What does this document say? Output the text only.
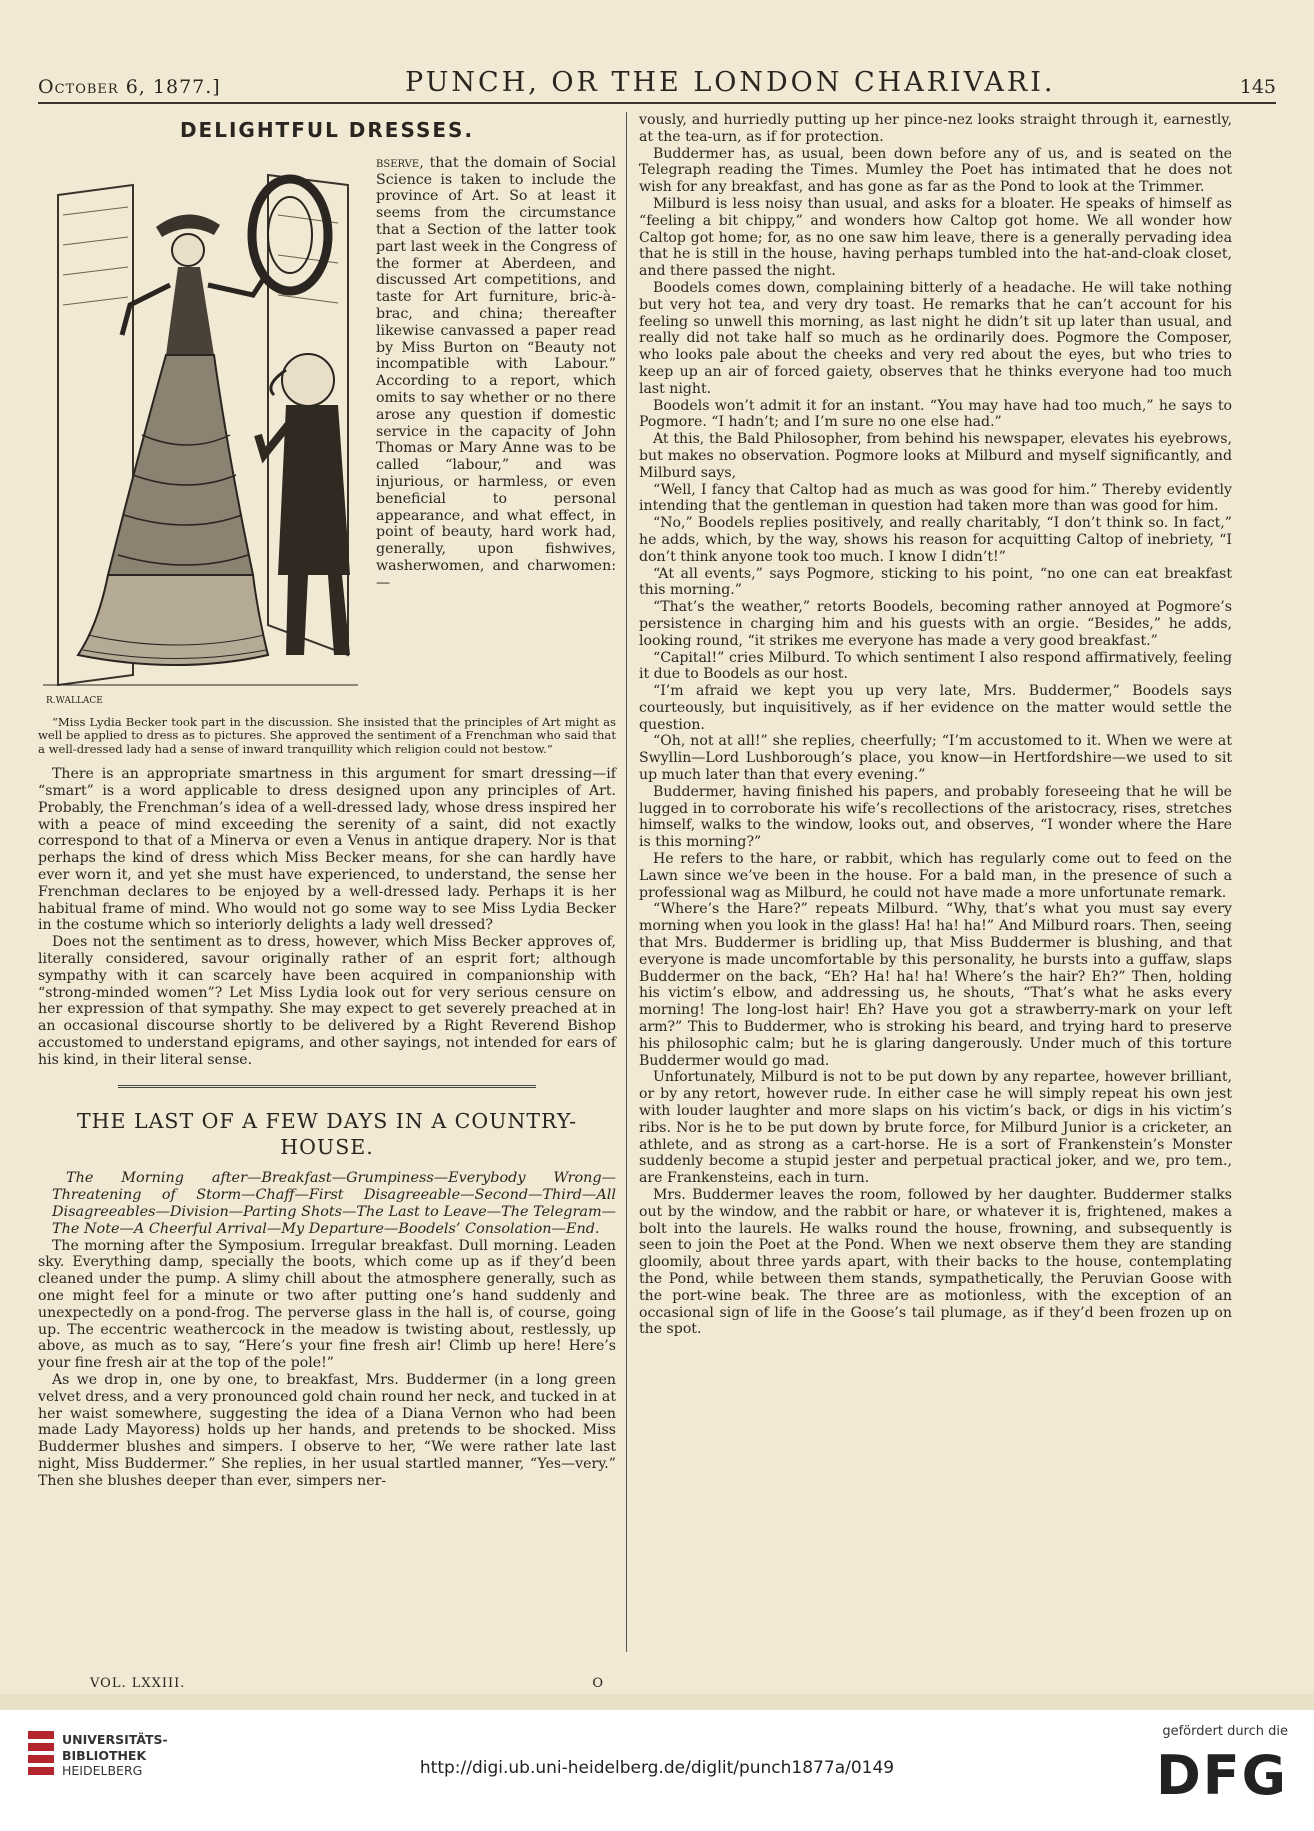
October 6, 1877.]	PUNCH, OR THE LONDON CHARIVARI.	145
DELIGHTFUL DRESSES.
R.WALLACE

bserve, that the domain of Social Science is taken to include the province of Art. So at least it seems from the circumstance that a Section of the latter took part last week in the Congress of the former at Aberdeen, and discussed Art competitions, and taste for Art furniture, bric-à-brac, and china; thereafter likewise canvassed a paper read by Miss Burton on “Beauty not incompatible with Labour.” According to a report, which omits to say whether or no there arose any question if domestic service in the capacity of John Thomas or Mary Anne was to be called “labour,” and was injurious, or harmless, or even beneficial to personal appearance, and what effect, in point of beauty, hard work had, generally, upon fishwives, washerwomen, and charwomen:—

“Miss Lydia Becker took part in the discussion. She insisted that the principles of Art might as well be applied to dress as to pictures. She approved the sentiment of a Frenchman who said that a well-dressed lady had a sense of inward tranquillity which religion could not bestow.”

There is an appropriate smartness in this argument for smart dressing—if “smart” is a word applicable to dress designed upon any principles of Art. Probably, the Frenchman’s idea of a well-dressed lady, whose dress inspired her with a peace of mind exceeding the serenity of a saint, did not exactly correspond to that of a Minerva or even a Venus in antique drapery. Nor is that perhaps the kind of dress which Miss Becker means, for she can hardly have ever worn it, and yet she must have experienced, to understand, the sense her Frenchman declares to be enjoyed by a well-dressed lady. Perhaps it is her habitual frame of mind. Who would not go some way to see Miss Lydia Becker in the costume which so interiorly delights a lady well dressed?

Does not the sentiment as to dress, however, which Miss Becker approves of, literally considered, savour originally rather of an esprit fort; although sympathy with it can scarcely have been acquired in companionship with “strong-minded women”? Let Miss Lydia look out for very serious censure on her expression of that sympathy. She may expect to get severely preached at in an occasional discourse shortly to be delivered by a Right Reverend Bishop accustomed to understand epigrams, and other sayings, not intended for ears of his kind, in their literal sense.

THE LAST OF A FEW DAYS IN A COUNTRY-HOUSE.

The Morning after—Breakfast—Grumpiness—Everybody Wrong—Threatening of Storm—Chaff—First Disagreeable—Second—Third—All Disagreeables—Division—Parting Shots—The Last to Leave—The Telegram—The Note—A Cheerful Arrival—My Departure—Boodels’ Consolation—End.

The morning after the Symposium. Irregular breakfast. Dull morning. Leaden sky. Everything damp, specially the boots, which come up as if they’d been cleaned under the pump. A slimy chill about the atmosphere generally, such as one might feel for a minute or two after putting one’s hand suddenly and unexpectedly on a pond-frog. The perverse glass in the hall is, of course, going up. The eccentric weathercock in the meadow is twisting about, restlessly, up above, as much as to say, “Here’s your fine fresh air! Climb up here! Here’s your fine fresh air at the top of the pole!”

As we drop in, one by one, to breakfast, Mrs. Buddermer (in a long green velvet dress, and a very pronounced gold chain round her neck, and tucked in at her waist somewhere, suggesting the idea of a Diana Vernon who had been made Lady Mayoress) holds up her hands, and pretends to be shocked. Miss Buddermer blushes and simpers. I observe to her, “We were rather late last night, Miss Buddermer.” She replies, in her usual startled manner, “Yes—very.” Then she blushes deeper than ever, simpers ner-

vously, and hurriedly putting up her pince-nez looks straight through it, earnestly, at the tea-urn, as if for protection.

Buddermer has, as usual, been down before any of us, and is seated on the Telegraph reading the Times. Mumley the Poet has intimated that he does not wish for any breakfast, and has gone as far as the Pond to look at the Trimmer.

Milburd is less noisy than usual, and asks for a bloater. He speaks of himself as “feeling a bit chippy,” and wonders how Caltop got home. We all wonder how Caltop got home; for, as no one saw him leave, there is a generally pervading idea that he is still in the house, having perhaps tumbled into the hat-and-cloak closet, and there passed the night.

Boodels comes down, complaining bitterly of a headache. He will take nothing but very hot tea, and very dry toast. He remarks that he can’t account for his feeling so unwell this morning, as last night he didn’t sit up later than usual, and really did not take half so much as he ordinarily does. Pogmore the Composer, who looks pale about the cheeks and very red about the eyes, but who tries to keep up an air of forced gaiety, observes that he thinks everyone had too much last night.

Boodels won’t admit it for an instant. “You may have had too much,” he says to Pogmore. “I hadn’t; and I’m sure no one else had.”

At this, the Bald Philosopher, from behind his newspaper, elevates his eyebrows, but makes no observation. Pogmore looks at Milburd and myself significantly, and Milburd says,

“Well, I fancy that Caltop had as much as was good for him.” Thereby evidently intending that the gentleman in question had taken more than was good for him.

“No,” Boodels replies positively, and really charitably, “I don’t think so. In fact,” he adds, which, by the way, shows his reason for acquitting Caltop of inebriety, “I don’t think anyone took too much. I know I didn’t!”

“At all events,” says Pogmore, sticking to his point, “no one can eat breakfast this morning.”

“That’s the weather,” retorts Boodels, becoming rather annoyed at Pogmore’s persistence in charging him and his guests with an orgie. “Besides,” he adds, looking round, “it strikes me everyone has made a very good breakfast.”

“Capital!” cries Milburd. To which sentiment I also respond affirmatively, feeling it due to Boodels as our host.

“I’m afraid we kept you up very late, Mrs. Buddermer,” Boodels says courteously, but inquisitively, as if her evidence on the matter would settle the question.

“Oh, not at all!” she replies, cheerfully; “I’m accustomed to it. When we were at Swyllin—Lord Lushborough’s place, you know—in Hertfordshire—we used to sit up much later than that every evening.”

Buddermer, having finished his papers, and probably foreseeing that he will be lugged in to corroborate his wife’s recollections of the aristocracy, rises, stretches himself, walks to the window, looks out, and observes, “I wonder where the Hare is this morning?”

He refers to the hare, or rabbit, which has regularly come out to feed on the Lawn since we’ve been in the house. For a bald man, in the presence of such a professional wag as Milburd, he could not have made a more unfortunate remark.

“Where’s the Hare?” repeats Milburd. “Why, that’s what you must say every morning when you look in the glass! Ha! ha! ha!” And Milburd roars. Then, seeing that Mrs. Buddermer is bridling up, that Miss Buddermer is blushing, and that everyone is made uncomfortable by this personality, he bursts into a guffaw, slaps Buddermer on the back, “Eh? Ha! ha! ha! Where’s the hair? Eh?” Then, holding his victim’s elbow, and addressing us, he shouts, “That’s what he asks every morning! The long-lost hair! Eh? Have you got a strawberry-mark on your left arm?” This to Buddermer, who is stroking his beard, and trying hard to preserve his philosophic calm; but he is glaring dangerously. Under much of this torture Buddermer would go mad.

Unfortunately, Milburd is not to be put down by any repartee, however brilliant, or by any retort, however rude. In either case he will simply repeat his own jest with louder laughter and more slaps on his victim’s back, or digs in his victim’s ribs. Nor is he to be put down by brute force, for Milburd Junior is a cricketer, an athlete, and as strong as a cart-horse. He is a sort of Frankenstein’s Monster suddenly become a stupid jester and perpetual practical joker, and we, pro tem., are Frankensteins, each in turn.

Mrs. Buddermer leaves the room, followed by her daughter. Buddermer stalks out by the window, and the rabbit or hare, or whatever it is, frightened, makes a bolt into the laurels. He walks round the house, frowning, and subsequently is seen to join the Poet at the Pond. When we next observe them they are standing gloomily, about three yards apart, with their backs to the house, contemplating the Pond, while between them stands, sympathetically, the Peruvian Goose with the port-wine beak. The three are as motionless, with the exception of an occasional sign of life in the Goose’s tail plumage, as if they’d been frozen up on the spot.

VOL. LXXIII.	O
UNIVERSITÄTS-
BIBLIOTHEK
HEIDELBERG	http://digi.ub.uni-heidelberg.de/diglit/punch1877a/0149
gefördert durch die
DFG
